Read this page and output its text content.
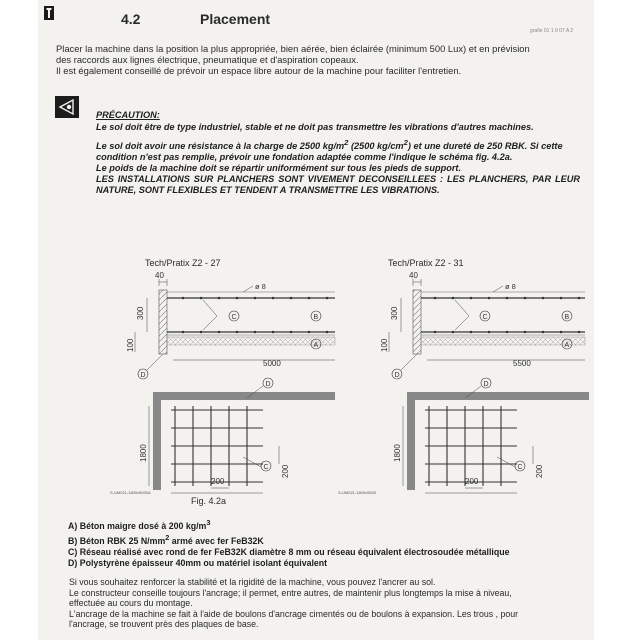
4.2	Placement
grafie 01 1 0 07 A 2
Placer la machine dans la position la plus appropriée, bien aérée, bien éclairée (minimum 500 Lux) et en prévision
des raccords aux lignes électrique, pneumatique et d'aspiration copeaux.
Il est également conseillé de prévoir un espace libre autour de la machine pour faciliter l'entretien.

PRÉCAUTION:

Le sol doit être de type industriel, stable et ne doit pas transmettre les vibrations d'autres machines.

Le sol doit avoir une résistance à la charge de 2500 $kg/m^2$ (2500 $kg/cm^2$) et une dureté de 250 RBK. Si cette condition n'est pas remplie, prévoir une fondation adaptée comme l'indique le schéma fig. 4.2a.

Le poids de la machine doit se répartir uniformément sur tous les pieds de support.

LES INSTALLATIONS SUR PLANCHERS SONT VIVEMENT DECONSEILLEES : LES PLANCHERS, PAR LEUR NATURE, SONT FLEXIBLES ET TENDENT A TRANSMETTRE LES VIBRATIONS.

Tech/Pratix Z2 - 27	Tech/Pratix Z2 - 31
40
300
100
5000
ø 8
C	B
A
D
1800
D
C 200
200
40
300
100
5500
ø 8
C	B
A
D
1800
D
C 200
200
S-UM021-1800x5000A	S-UM021-1800x5500
Fig. 4.2a
A) Béton maigre dosé à 200 $kg/m^3$
B) Béton RBK 25 $N/mm^2$ armé avec fer FeB32K
C) Réseau réalisé avec rond de fer FeB32K diamètre 8 mm ou réseau équivalent électrosoudée métallique
D) Polystyrène épaisseur 40mm ou matériel isolant équivalent

Si vous souhaitez renforcer la stabilité et la rigidité de la machine, vous pouvez l'ancrer au sol.

Le constructeur conseille toujours l'ancrage; il permet, entre autres, de maintenir plus longtemps la mise à niveau,

effectuée au cours du montage.

L'ancrage de la machine se fait à l'aide de boulons d'ancrage cimentés ou de boulons à expansion. Les trous , pour

l'ancrage, se trouvent près des plaques de base.
